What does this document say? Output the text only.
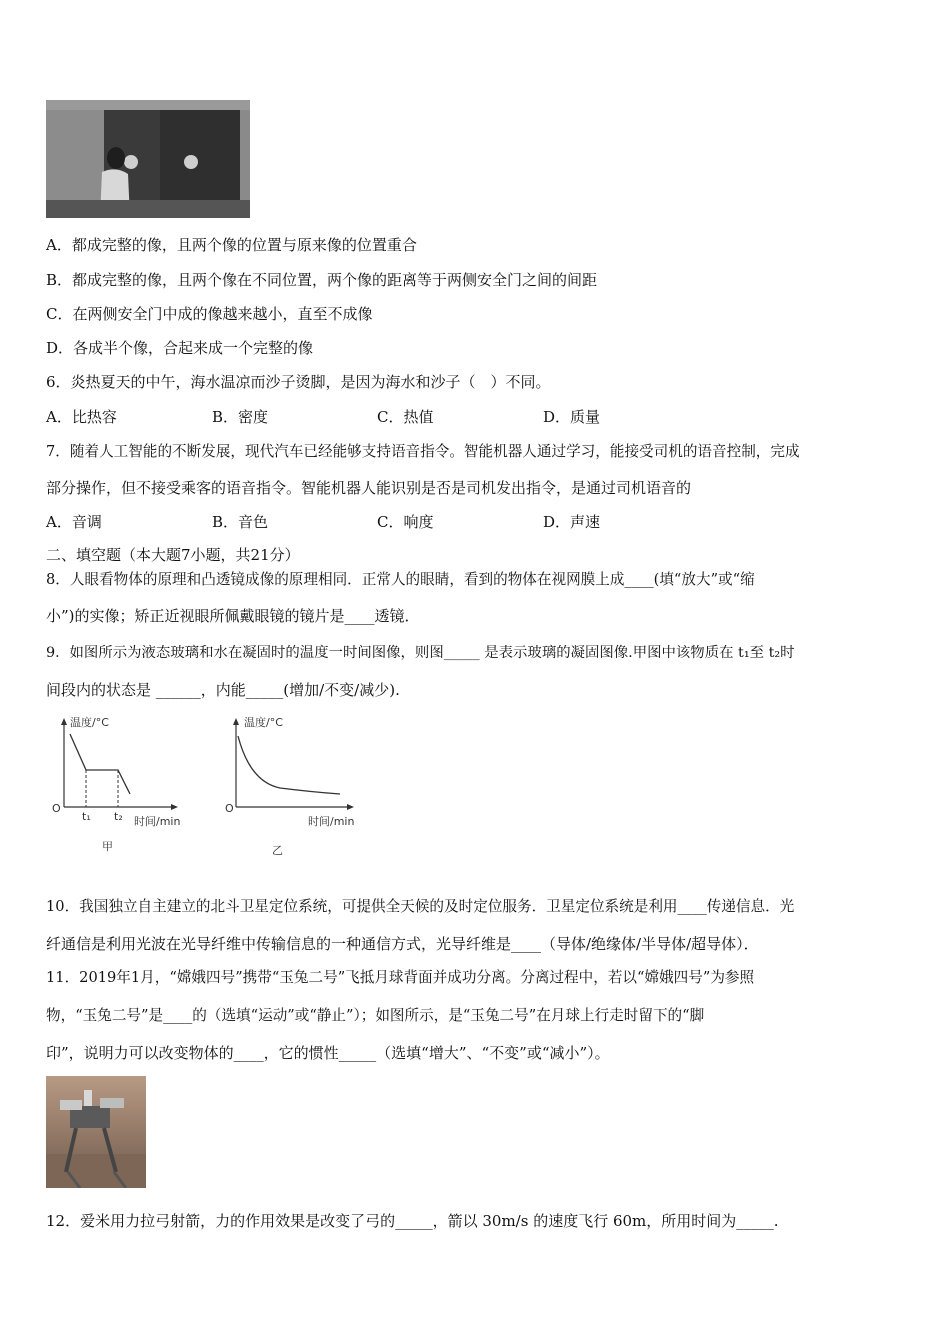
A．都成完整的像，且两个像的位置与原来像的位置重合
B．都成完整的像，且两个像在不同位置，两个像的距离等于两侧安全门之间的间距
C．在两侧安全门中成的像越来越小，直至不成像
D．各成半个像，合起来成一个完整的像
6．炎热夏天的中午，海水温凉而沙子烫脚，是因为海水和沙子（　）不同。
A．比热容	B．密度	C．热值	D．质量
7．随着人工智能的不断发展，现代汽车已经能够支持语音指令。智能机器人通过学习，能接受司机的语音控制，完成
部分操作，但不接受乘客的语音指令。智能机器人能识别是否是司机发出指令，是通过司机语音的
A．音调	B．音色	C．响度	D．声速
二、填空题（本大题7小题，共21分）
8．人眼看物体的原理和凸透镜成像的原理相同．正常人的眼睛，看到的物体在视网膜上成____(填“放大”或“缩
小”)的实像；矫正近视眼所佩戴眼镜的镜片是____透镜．
9．如图所示为液态玻璃和水在凝固时的温度一时间图像，则图_____ 是表示玻璃的凝固图像.甲图中该物质在 t₁至 t₂时
间段内的状态是 ______，内能_____(增加/不变/减少).
温度/°C
O
t₁ t₂ 时间/min
甲
温度/°C
O
时间/min
乙
10．我国独立自主建立的北斗卫星定位系统，可提供全天候的及时定位服务．卫星定位系统是利用____传递信息．光
纤通信是利用光波在光导纤维中传输信息的一种通信方式，光导纤维是____（导体/绝缘体/半导体/超导体）．
11．2019年1月，“嫦娥四号”携带“玉兔二号”飞抵月球背面并成功分离。分离过程中，若以“嫦娥四号”为参照
物，“玉兔二号”是____的（选填“运动”或“静止”）；如图所示，是“玉兔二号”在月球上行走时留下的“脚
印”，说明力可以改变物体的____，它的惯性_____（选填“增大”、“不变”或“减小”）。
12．爱米用力拉弓射箭，力的作用效果是改变了弓的_____，箭以 30m/s 的速度飞行 60m，所用时间为_____.
